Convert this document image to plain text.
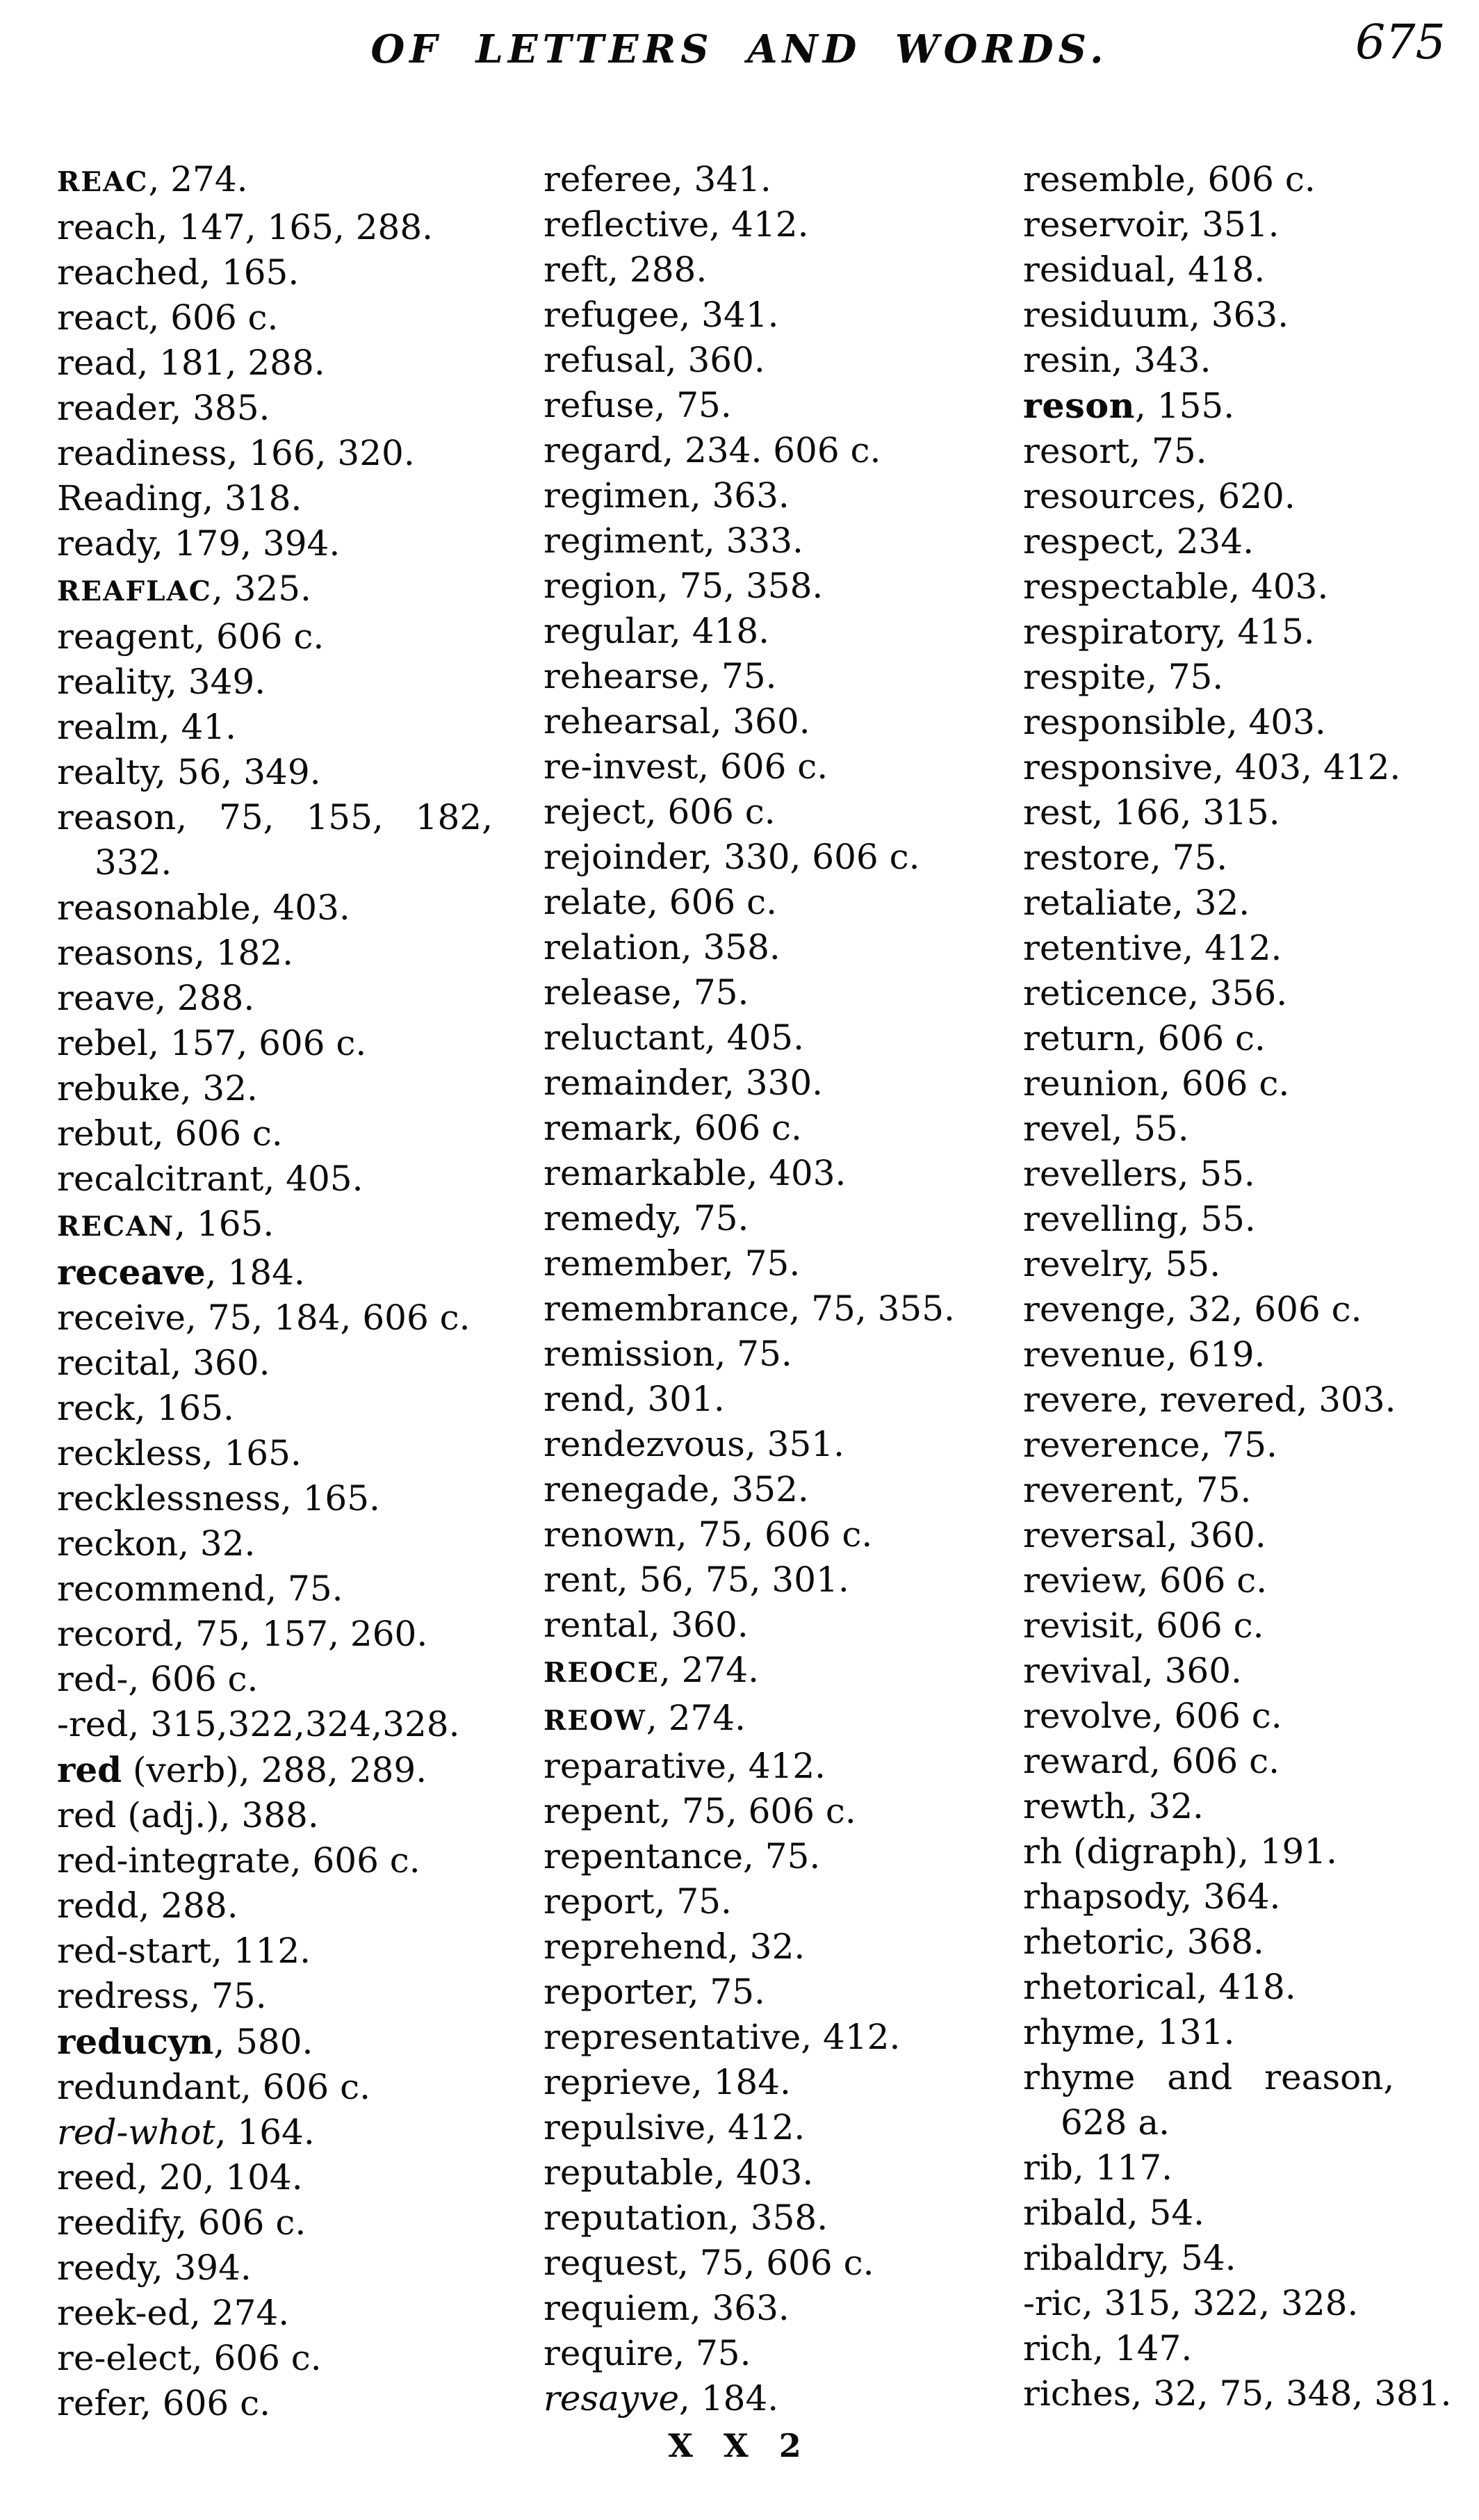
OF LETTERS AND WORDS.	675
REAC, 274.
reach, 147, 165, 288.
reached, 165.
react, 606 c.
read, 181, 288.
reader, 385.
readiness, 166, 320.
Reading, 318.
ready, 179, 394.
REAFLAC, 325.
reagent, 606 c.
reality, 349.
realm, 41.
realty, 56, 349.
reason, 75, 155, 182,
332.
reasonable, 403.
reasons, 182.
reave, 288.
rebel, 157, 606 c.
rebuke, 32.
rebut, 606 c.
recalcitrant, 405.
RECAN, 165.
receave, 184.
receive, 75, 184, 606 c.
recital, 360.
reck, 165.
reckless, 165.
recklessness, 165.
reckon, 32.
recommend, 75.
record, 75, 157, 260.
red-, 606 c.
-red, 315,322,324,328.
red (verb), 288, 289.
red (adj.), 388.
red-integrate, 606 c.
redd, 288.
red-start, 112.
redress, 75.
reducyn, 580.
redundant, 606 c.
red-whot, 164.
reed, 20, 104.
reedify, 606 c.
reedy, 394.
reek-ed, 274.
re-elect, 606 c.
refer, 606 c.
referee, 341.
reflective, 412.
reft, 288.
refugee, 341.
refusal, 360.
refuse, 75.
regard, 234. 606 c.
regimen, 363.
regiment, 333.
region, 75, 358.
regular, 418.
rehearse, 75.
rehearsal, 360.
re-invest, 606 c.
reject, 606 c.
rejoinder, 330, 606 c.
relate, 606 c.
relation, 358.
release, 75.
reluctant, 405.
remainder, 330.
remark, 606 c.
remarkable, 403.
remedy, 75.
remember, 75.
remembrance, 75, 355.
remission, 75.
rend, 301.
rendezvous, 351.
renegade, 352.
renown, 75, 606 c.
rent, 56, 75, 301.
rental, 360.
REOCE, 274.
REOW, 274.
reparative, 412.
repent, 75, 606 c.
repentance, 75.
report, 75.
reprehend, 32.
reporter, 75.
representative, 412.
reprieve, 184.
repulsive, 412.
reputable, 403.
reputation, 358.
request, 75, 606 c.
requiem, 363.
require, 75.
resayve, 184.
resemble, 606 c.
reservoir, 351.
residual, 418.
residuum, 363.
resin, 343.
reson, 155.
resort, 75.
resources, 620.
respect, 234.
respectable, 403.
respiratory, 415.
respite, 75.
responsible, 403.
responsive, 403, 412.
rest, 166, 315.
restore, 75.
retaliate, 32.
retentive, 412.
reticence, 356.
return, 606 c.
reunion, 606 c.
revel, 55.
revellers, 55.
revelling, 55.
revelry, 55.
revenge, 32, 606 c.
revenue, 619.
revere, revered, 303.
reverence, 75.
reverent, 75.
reversal, 360.
review, 606 c.
revisit, 606 c.
revival, 360.
revolve, 606 c.
reward, 606 c.
rewth, 32.
rh (digraph), 191.
rhapsody, 364.
rhetoric, 368.
rhetorical, 418.
rhyme, 131.
rhyme and reason,
628 a.
rib, 117.
ribald, 54.
ribaldry, 54.
-ric, 315, 322, 328.
rich, 147.
riches, 32, 75, 348, 381.
X X 2
